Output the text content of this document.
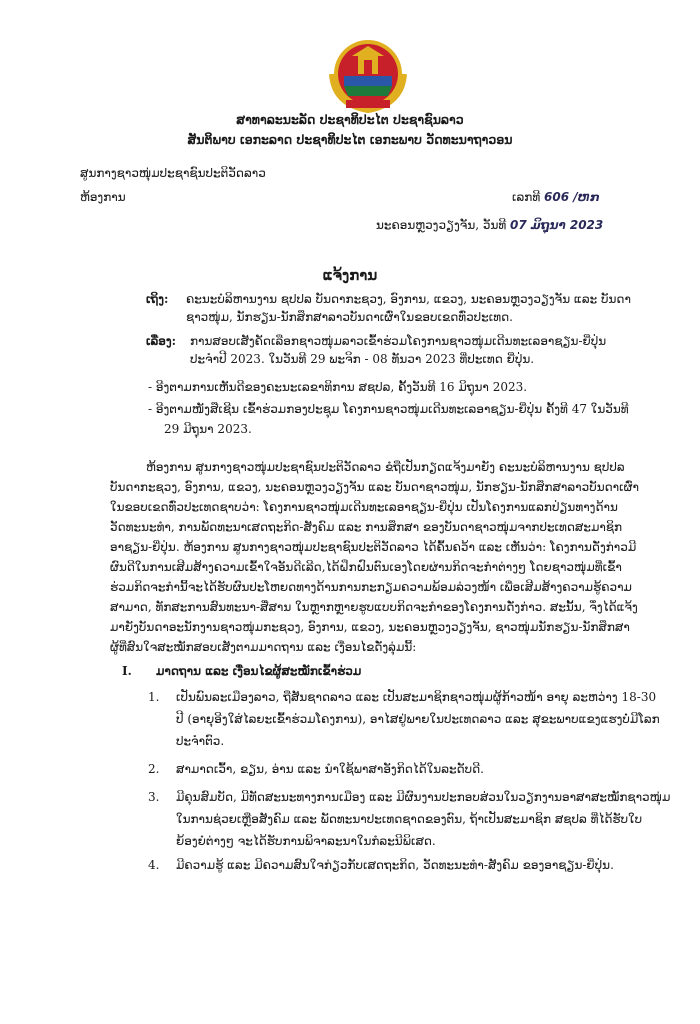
ສາທາລະນະລັດ ປະຊາທິປະໄຕ ປະຊາຊົນລາວ
ສັນຕິພາບ ເອກະລາດ ປະຊາທິປະໄຕ ເອກະພາບ ວັດທະນາຖາວອນ
ສູນກາງຊາວໜຸ່ມປະຊາຊົນປະຕິວັດລາວ
ຫ້ອງການ	ເລກທີ 606 /ຫກ
ນະຄອນຫຼວງວຽງຈັນ, ວັນທີ 07 ມິຖຸນາ 2023
ແຈ້ງການ
ເຖິງ: ຄະນະບໍລິຫານງານ ຊປປລ ບັນດາກະຊວງ, ອົງການ, ແຂວງ, ນະຄອນຫຼວງວຽງຈັນ ແລະ ບັນດາ
ຊາວໜຸ່ມ, ນັກຮຽນ-ນັກສຶກສາລາວບັນດາເຜົ່າໃນຂອບເຂດທົ່ວປະເທດ.
ເລື່ອງ: ການສອບເສັງຄັດເລືອກຊາວໜຸ່ມລາວເຂົ້າຮ່ວມໂຄງການຊາວໜຸ່ມເດີນທະເລອາຊຽນ-ຍີ່ປຸ່ນ
ປະຈໍາປີ 2023. ໃນວັນທີ 29 ພະຈິກ - 08 ທັນວາ 2023 ທີ່ປະເທດ ຍີ່ປຸ່ນ.
- ອີງຕາມການເຫັນດີຂອງຄະນະເລຂາທິການ ສຊປລ, ຄັ້ງວັນທີ 16 ມິຖຸນາ 2023.
- ອີງຕາມໜັງສືເຊີນ ເຂົ້າຮ່ວມກອງປະຊຸມ ໂຄງການຊາວໜຸ່ມເດີນທະເລອາຊຽນ-ຍີ່ປຸ່ນ ຄັ້ງທີ 47 ໃນວັນທີ
29 ມີຖຸນາ 2023.
ຫ້ອງການ ສູນກາງຊາວໜຸ່ມປະຊາຊົນປະຕິວັດລາວ ຂໍຖືເປັນກຽດແຈ້ງມາຍັງ ຄະນະບໍລິຫານງານ ຊປປລ
ບັນດາກະຊວງ, ອົງການ, ແຂວງ, ນະຄອນຫຼວງວຽງຈັນ ແລະ ບັນດາຊາວໜຸ່ມ, ນັກຮຽນ-ນັກສຶກສາລາວບັນດາເຜົ່າ
ໃນຂອບເຂດທົ່ວປະເທດຊາບວ່າ: ໂຄງການຊາວໜຸ່ມເດີນທະເລອາຊຽນ-ຍີ່ປຸ່ນ ເປັນໂຄງການແລກປ່ຽນທາງດ້ານ
ວັດທະນະທໍາ, ການພັດທະນາເສດຖະກິດ-ສັງຄົມ ແລະ ການສຶກສາ ຂອງບັນດາຊາວໜຸ່ມຈາກປະເທດສະມາຊິກ
ອາຊຽນ-ຍີ່ປຸ່ນ. ຫ້ອງການ ສູນກາງຊາວໜຸ່ມປະຊາຊົນປະຕິວັດລາວ ໄດ້ຄົ້ນຄວ້າ ແລະ ເຫັນວ່າ: ໂຄງການດັ່ງກ່າວມີ
ຜົນດີໃນການເສີມສ້າງຄວາມເຂົ້າໃຈອັນດີເລີດ,ໄດ້ຝຶກຝົນຕົນເອງໂດຍຜ່ານກິດຈະກໍາຕ່າງໆ ໂດຍຊາວໜຸ່ມທີ່ເຂົ້າ
ຮ່ວມກິດຈະກໍານີ້ຈະໄດ້ຮັບຜົນປະໂຫຍດທາງດ້ານການກະກຽມຄວາມພ້ອມລ່ວງໜ້າ ເພື່ອເສີມສ້າງຄວາມຮູ້ຄວາມ
ສາມາດ, ທັກສະການສົນທະນາ-ສື່ສານ ໃນຫຼາກຫຼາຍຮູບແບບກິດຈະກໍາຂອງໂຄງການດັ່ງກ່າວ. ສະນັ້ນ, ຈຶ່ງໄດ້ແຈ້ງ
ມາຍັງບັນດາອະນັກງານຊາວໜຸ່ມກະຊວງ, ອົງການ, ແຂວງ, ນະຄອນຫຼວງວຽງຈັນ, ຊາວໜຸ່ມນັກຮຽນ-ນັກສຶກສາ
ຜູ້ທີ່ສົນໃຈສະໝັກສອບເສັງຕາມມາດຖານ ແລະ ເງື່ອນໄຂດັ່ງລຸ່ມນີ້:
I. ມາດຖານ ແລະ ເງື່ອນໄຂຜູ້ສະໝັກເຂົ້າຮ່ວມ
1. ເປັນພົນລະເມືອງລາວ, ຖືສັນຊາດລາວ ແລະ ເປັນສະມາຊິກຊາວໜຸ່ມຜູ້ກ້າວໜ້າ ອາຍຸ ລະຫວ່າງ 18-30
ປີ (ອາຍຸອີງໃສ່ໄລຍະເຂົ້າຮ່ວມໂຄງການ), ອາໄສຢູ່ພາຍໃນປະເທດລາວ ແລະ ສຸຂະພາບແຂງແຮງບໍ່ມີໂລກ
ປະຈໍາຕົວ.
2. ສາມາດເວົ້າ, ຂຽນ, ອ່ານ ແລະ ນໍາໃຊ້ພາສາອັງກິດໄດ້ໃນລະດັບດີ.
3. ມີຄຸນສົມບັດ, ມີທັດສະນະທາງການເມືອງ ແລະ ມີຜົນງານປະກອບສ່ວນໃນວຽກງານອາສາສະໝັກຊາວໜຸ່ມ
ໃນການຊ່ວຍເຫຼືອສັງຄົມ ແລະ ພັດທະນາປະເທດຊາດຂອງຕົນ, ຖ້າເປັນສະມາຊິກ ສຊປລ ທີ່ໄດ້ຮັບໃບ
ຍ້ອງຍໍຕ່າງໆ ຈະໄດ້ຮັບການພິຈາລະນາໃນກໍລະນີພິເສດ.
4. ມີຄວາມຮູ້ ແລະ ມີຄວາມສົນໃຈກ່ຽວກັບເສດຖະກິດ, ວັດທະນະທໍາ-ສັງຄົມ ຂອງອາຊຽນ-ຍີ່ປຸ່ນ.
